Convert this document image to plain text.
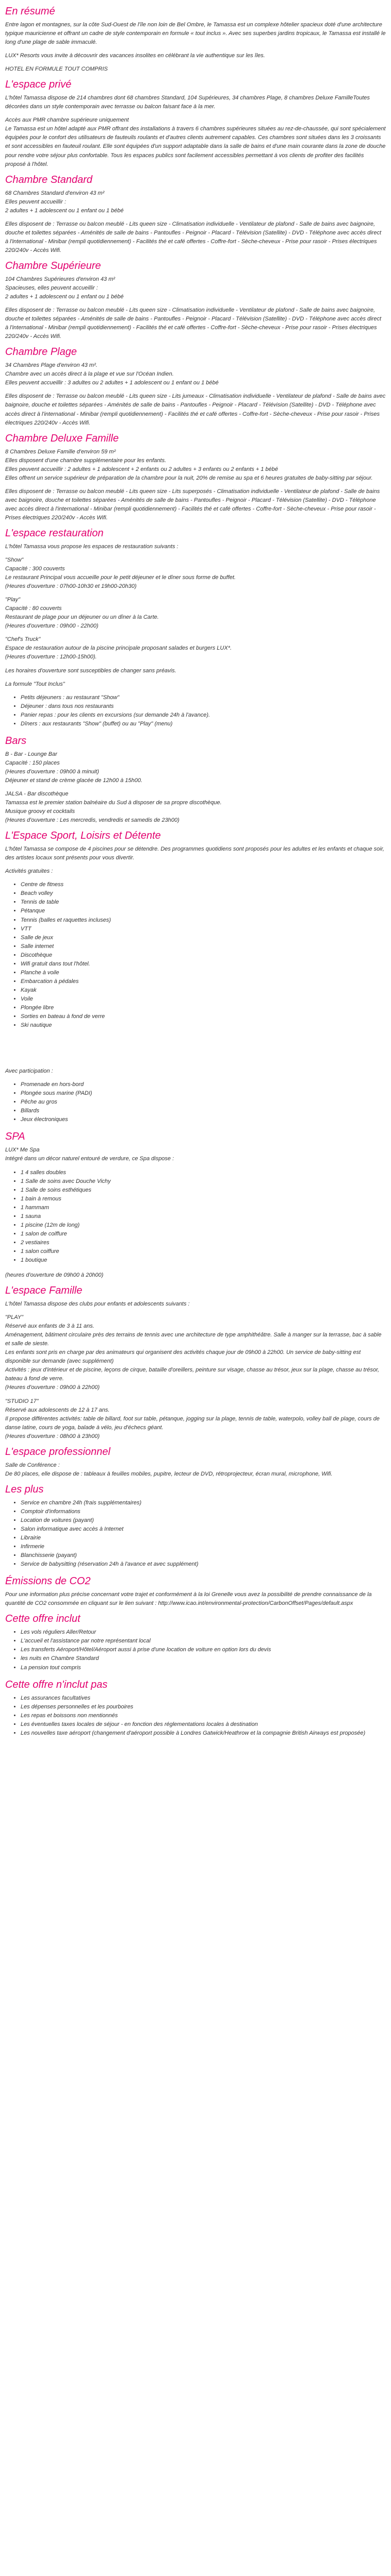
En résumé

Entre lagon et montagnes, sur la côte Sud-Ouest de l'île non loin de Bel Ombre, le Tamassa est un complexe hôtelier spacieux doté d'une architecture typique mauricienne et offrant un cadre de style contemporain en formule « tout inclus ». Avec ses superbes jardins tropicaux, le Tamassa est installé le long d'une plage de sable immaculé.

LUX* Resorts vous invite à découvrir des vacances insolites en célébrant la vie authentique sur les îles.

HOTEL EN FORMULE TOUT COMPRIS

L'espace privé

L'hôtel Tamassa dispose de 214 chambres dont 68 chambres Standard, 104 Supérieures, 34 chambres Plage, 8 chambres Deluxe FamilleToutes décorées dans un style contemporain avec terrasse ou balcon faisant face à la mer.

Accès aux PMR chambre supérieure uniquement
Le Tamassa est un hôtel adapté aux PMR offrant des installations à travers 6 chambres supérieures situées au rez-de-chaussée, qui sont spécialement équipées pour le confort des utilisateurs de fauteuils roulants et d'autres clients autrement capables. Ces chambres sont situées dans les 3 croissants et sont accessibles en fauteuil roulant. Elle sont équipées d'un support adaptable dans la salle de bains et d'une main courante dans la zone de douche pour rendre votre séjour plus confortable. Tous les espaces publics sont facilement accessibles permettant à vos clients de profiter des facilités proposé à l'hôtel.

Chambre Standard

68 Chambres Standard d'environ 43 m²
Elles peuvent accueillir :
2 adultes + 1 adolescent ou 1 enfant ou 1 bébé

Elles disposent de : Terrasse ou balcon meublé - Lits queen size - Climatisation individuelle - Ventilateur de plafond - Salle de bains avec baignoire, douche et toilettes séparées - Aménités de salle de bains - Pantoufles - Peignoir - Placard - Télévision (Satellite) - DVD - Téléphone avec accès direct à l'international - Minibar (rempli quotidiennement) - Facilités thé et café offertes - Coffre-fort - Sèche-cheveux - Prise pour rasoir - Prises électriques 220/240v - Accès Wifi.

Chambre Supérieure

104 Chambres Supérieures d'environ 43 m²
Spacieuses, elles peuvent accueillir :
2 adultes + 1 adolescent ou 1 enfant ou 1 bébé

Elles disposent de : Terrasse ou balcon meublé - Lits queen size - Climatisation individuelle - Ventilateur de plafond - Salle de bains avec baignoire, douche et toilettes séparées - Aménités de salle de bains - Pantoufles - Peignoir - Placard - Télévision (Satellite) - DVD - Téléphone avec accès direct à l'international - Minibar (rempli quotidiennement) - Facilités thé et café offertes - Coffre-fort - Sèche-cheveux - Prise pour rasoir - Prises électriques 220/240v - Accès Wifi.

Chambre Plage

34 Chambres Plage d'environ 43 m².
Chambre avec un accès direct à la plage et vue sur l'Océan Indien.
Elles peuvent accueillir : 3 adultes ou 2 adultes + 1 adolescent ou 1 enfant ou 1 bébé

Elles disposent de : Terrasse ou balcon meublé - Lits queen size - Lits jumeaux - Climatisation individuelle - Ventilateur de plafond - Salle de bains avec baignoire, douche et toilettes séparées - Aménités de salle de bains - Pantoufles - Peignoir - Placard - Télévision (Satellite) - DVD - Téléphone avec accès direct à l'international - Minibar (rempli quotidiennement) - Facilités thé et café offertes - Coffre-fort - Sèche-cheveux - Prise pour rasoir - Prises électriques 220/240v - Accès Wifi.

Chambre Deluxe Famille

8 Chambres Deluxe Famille d'environ 59 m²
Elles disposent d'une chambre supplémentaire pour les enfants.
Elles peuvent accueillir : 2 adultes + 1 adolescent + 2 enfants ou 2 adultes + 3 enfants ou 2 enfants + 1 bébé
Elles offrent un service supérieur de préparation de la chambre pour la nuit, 20% de remise au spa et 6 heures gratuites de baby-sitting par séjour.

Elles disposent de : Terrasse ou balcon meublé - Lits queen size - Lits superposés - Climatisation individuelle - Ventilateur de plafond - Salle de bains avec baignoire, douche et toilettes séparées - Aménités de salle de bains - Pantoufles - Peignoir - Placard - Télévision (Satellite) - DVD - Téléphone avec accès direct à l'international - Minibar (rempli quotidiennement) - Facilités thé et café offertes - Coffre-fort - Sèche-cheveux - Prise pour rasoir - Prises électriques 220/240v - Accès Wifi.

L'espace restauration

L'hôtel Tamassa vous propose les espaces de restauration suivants :

"Show"
Capacité : 300 couverts
Le restaurant Principal vous accueille pour le petit déjeuner et le dîner sous forme de buffet.
(Heures d'ouverture : 07h00-10h30 et 19h00-20h30)

"Play"
Capacité : 80 couverts
Restaurant de plage pour un déjeuner ou un dîner à la Carte.
(Heures d'ouverture : 09h00 - 22h00)

"Chef's Truck"
Espace de restauration autour de la piscine principale proposant salades et burgers LUX*.
(Heures d'ouverture : 12h00-15h00).

Les horaires d'ouverture sont susceptibles de changer sans préavis.

La formule "Tout Inclus"

• Petits déjeuners : au restaurant "Show"
• Déjeuner : dans tous nos restaurants
• Panier repas : pour les clients en excursions (sur demande 24h à l'avance).
• Dîners : aux restaurants "Show" (buffet) ou au "Play" (menu)
Bars

B - Bar - Lounge Bar
Capacité : 150 places
(Heures d'ouverture : 09h00 à minuit)
Déjeuner et stand de crème glacée de 12h00 à 15h00.

JALSA - Bar discothèque
Tamassa est le premier station balnéaire du Sud à disposer de sa propre discothèque.
Musique groovy et cocktails
(Heures d'ouverture : Les mercredis, vendredis et samedis de 23h00)

L'Espace Sport, Loisirs et Détente

L'hôtel Tamassa se compose de 4 piscines pour se détendre. Des programmes quotidiens sont proposés pour les adultes et les enfants et chaque soir, des artistes locaux sont présents pour vous divertir.

Activités gratuites :

• Centre de fitness
• Beach volley
• Tennis de table
• Pétanque
• Tennis (balles et raquettes incluses)
• VTT
• Salle de jeux
• Salle internet
• Discothèque
• Wifi gratuit dans tout l'hôtel.
• Planche à voile
• Embarcation à pédales
• Kayak
• Voile
• Plongée libre
• Sorties en bateau à fond de verre
• Ski nautique

Avec participation :

• Promenade en hors-bord
• Plongée sous marine (PADI)
• Pêche au gros
• Billards
• Jeux électroniques
SPA

LUX* Me Spa
Intégré dans un décor naturel entouré de verdure, ce Spa dispose :

• 1 4 salles doubles
• 1 Salle de soins avec Douche Vichy
• 1 Salle de soins esthétiques
• 1 bain à remous
• 1 hammam
• 1 sauna
• 1 piscine (12m de long)
• 1 salon de coiffure
• 2 vestiaires
• 1 salon coiffure
• 1 boutique

(heures d'ouverture de 09h00 à 20h00)

L'espace Famille

L'hôtel Tamassa dispose des clubs pour enfants et adolescents suivants :

"PLAY"
Réservé aux enfants de 3 à 11 ans.
Aménagement, bâtiment circulaire près des terrains de tennis avec une architecture de type amphithéâtre. Salle à manger sur la terrasse, bac à sable et salle de sieste.
Les enfants sont pris en charge par des animateurs qui organisent des activités chaque jour de 09h00 à 22h00. Un service de baby-sitting est disponible sur demande (avec supplément)
Activités : jeux d'intérieur et de piscine, leçons de cirque, bataille d'oreillers, peinture sur visage, chasse au trésor, jeux sur la plage, chasse au trésor, bateau à fond de verre.
(Heures d'ouverture : 09h00 à 22h00)

"STUDIO 17"
Réservé aux adolescents de 12 à 17 ans.
Il propose différentes activités: table de billard, foot sur table, pétanque, jogging sur la plage, tennis de table, waterpolo, volley ball de plage, cours de danse latine, cours de yoga, balade à vélo, jeu d'échecs géant.
(Heures d'ouverture : 08h00 à 23h00)

L'espace professionnel

Salle de Conférence :
De 80 places, elle dispose de : tableaux à feuilles mobiles, pupitre, lecteur de DVD, rétroprojecteur, écran mural, microphone, Wifi.

Les plus
• Service en chambre 24h (frais supplémentaires)
• Comptoir d'informations
• Location de voitures (payant)
• Salon informatique avec accès à Internet
• Librairie
• Infirmerie
• Blanchisserie (payant)
• Service de babysitting (réservation 24h à l'avance et avec supplément)
Émissions de CO2

Pour une information plus précise concernant votre trajet et conformément à la loi Grenelle vous avez la possibilité de prendre connaissance de la quantité de CO2 consommée en cliquant sur le lien suivant : http://www.icao.int/environmental-protection/CarbonOffset/Pages/default.aspx

Cette offre inclut
• Les vols réguliers Aller/Retour
• L'accueil et l'assistance par notre représentant local
• Les transferts Aéroport/Hôtel/Aéroport aussi à prise d'une location de voiture en option lors du devis
• les nuits en Chambre Standard
• La pension tout compris
Cette offre n'inclut pas
• Les assurances facultatives
• Les dépenses personnelles et les pourboires
• Les repas et boissons non mentionnés
• Les éventuelles taxes locales de séjour - en fonction des réglementations locales à destination
• Les nouvelles taxe aéroport (changement d'aéroport possible à Londres Gatwick/Heathrow et la compagnie British Airways est proposée)
